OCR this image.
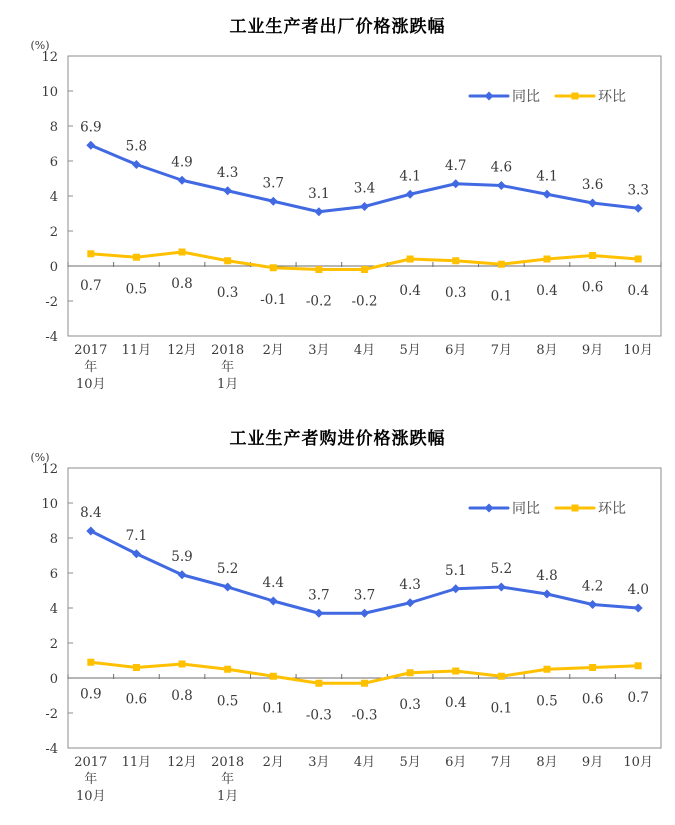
工业生产者出厂价格涨跌幅
(%)
-4
-2
0
2
4
6
8
10
12
2017
年
10月
11月 12月 2018
年
1月
2月 3月 4月 5月 6月 7月 8月 9月 10月
6.9
5.8
4.9
4.3
3.7
3.1 3.4
4.1
4.7 4.6
4.1
3.6 3.3
0.7 0.5 0.8
0.3 -0.1 -0.2 -0.2
0.4 0.3 0.1 0.4 0.6 0.4
同比	环比
工业生产者购进价格涨跌幅
(%)
-4
-2
0
2
4
6
8
10
12
2017
年
10月
11月 12月 2018
年
1月
2月 3月 4月 5月 6月 7月 8月 9月 10月
8.4
7.1
5.9
5.2
4.4
3.7 3.7
4.3
5.1 5.2 4.8
4.2 4.0
0.9 0.6 0.8 0.5 0.1 -0.3 -0.3
0.3 0.4 0.1 0.5 0.6 0.7
同比	环比
